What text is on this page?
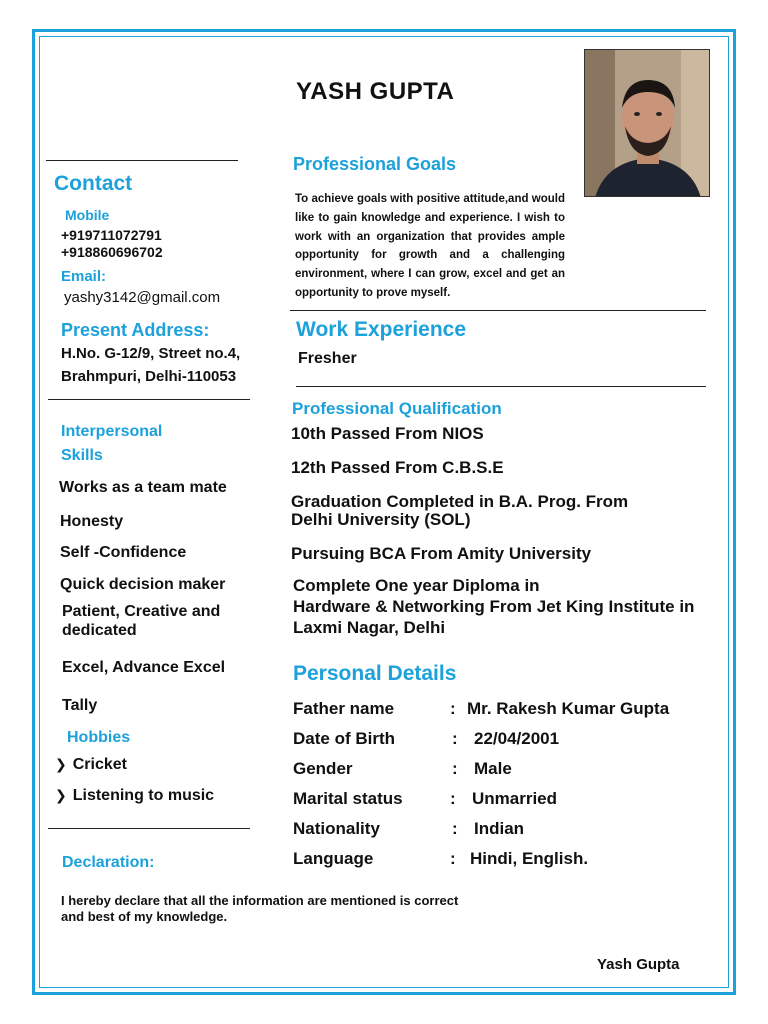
YASH GUPTA
Contact
Mobile
+919711072791
+918860696702
Email:
yashy3142@gmail.com
Present Address:
H.No. G-12/9, Street no.4,
Brahmpuri, Delhi-110053
Interpersonal
Skills
Works as a team mate
Honesty
Self -Confidence
Quick decision maker
Patient, Creative and
dedicated
Excel, Advance Excel
Tally
Hobbies
❯ Cricket
❯ Listening to music
Declaration:
I hereby declare that all the information are mentioned is correct and best of my knowledge.
Yash Gupta
Professional Goals
To achieve goals with positive attitude,and would like to gain knowledge and experience. I wish to work with an organization that provides ample opportunity for growth and a challenging environment, where I can grow, excel and get an opportunity to prove myself.
Work Experience
Fresher
Professional Qualification
10th Passed From NIOS
12th Passed From C.B.S.E
Graduation Completed in B.A. Prog. From
Delhi University (SOL)
Pursuing BCA From Amity University
Complete One year Diploma in
Hardware & Networking From Jet King Institute in
Laxmi Nagar, Delhi
Personal Details
Father name	: Mr. Rakesh Kumar Gupta
Date of Birth	: 22/04/2001
Gender	: Male
Marital status	: Unmarried
Nationality	: Indian
Language	: Hindi, English.
